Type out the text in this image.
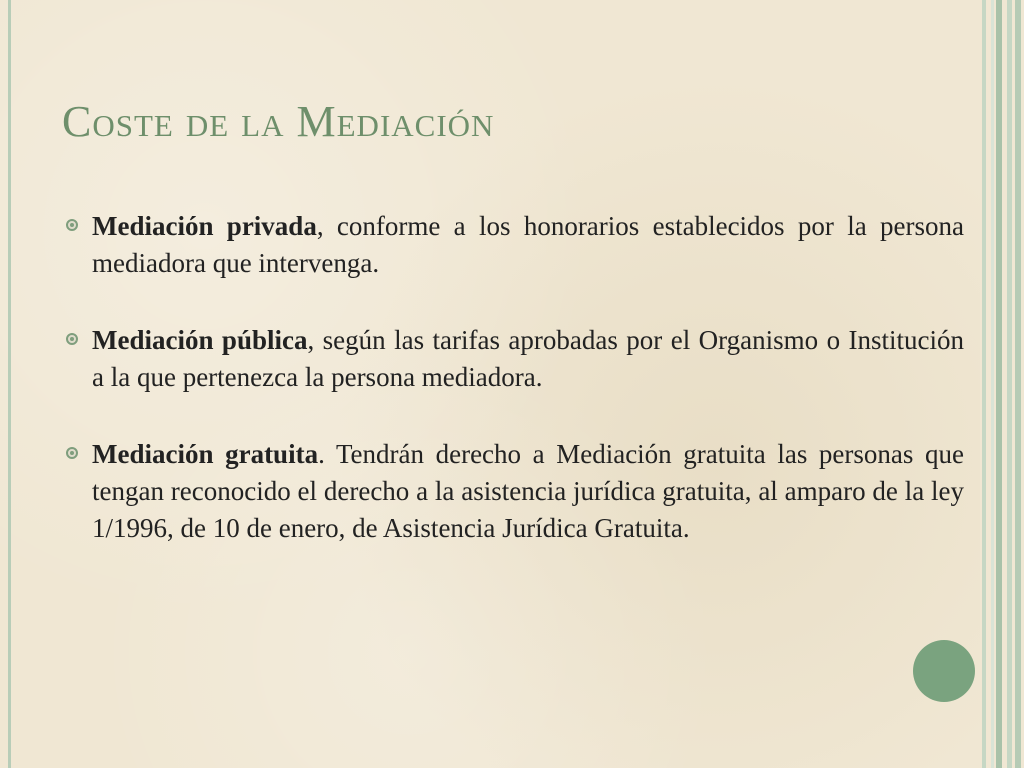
Coste de la Mediación

Mediación privada, conforme a los honorarios establecidos por la persona mediadora que intervenga.

Mediación pública, según las tarifas aprobadas por el Organismo o Institución a la que pertenezca la persona mediadora.

Mediación gratuita. Tendrán derecho a Mediación gratuita las personas que tengan reconocido el derecho a la asistencia jurídica gratuita, al amparo de la ley 1/1996, de 10 de enero, de Asistencia Jurídica Gratuita.
